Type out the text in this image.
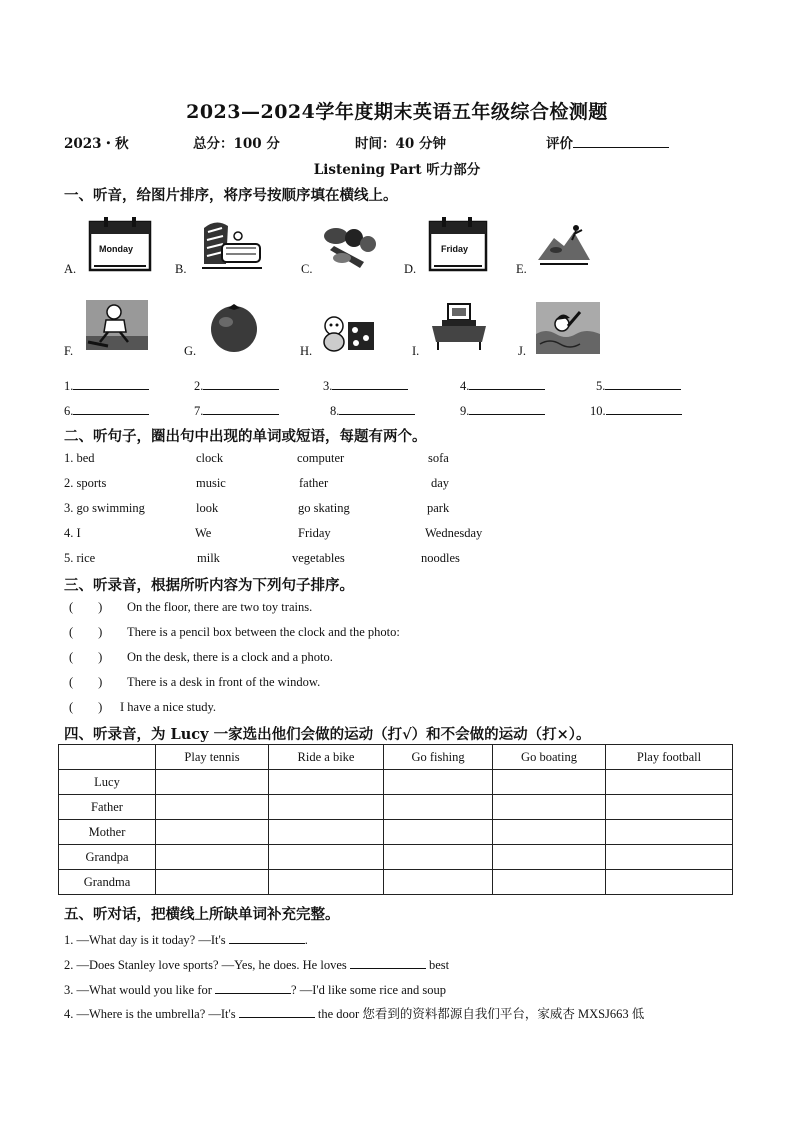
2023—2024学年度期末英语五年级综合检测题
2023・秋	总分：100 分	时间：40 分钟	评价
Listening Part 听力部分
一、听音，给图片排序，将序号按顺序填在横线上。
A.
Monday
B.	C.	D.
Friday
E.
F.	G.	H.	I.	J.
1.	2.	3.	4.	5.
6.	7.	8.	9.	10.
二、听句子，圈出句中出现的单词或短语，每题有两个。
1. bed	clock	computer	sofa
2. sports	music	father	day
3. go swimming	look	go skating	park
4. I	We	Friday	Wednesday
5. rice	milk	vegetables	noodles
三、听录音，根据所听内容为下列句子排序。
(        ) On the floor, there are two toy trains.
(        ) There is a pencil box between the clock and the photo:
(        ) On the desk, there is a clock and a photo.
(        ) There is a desk in front of the window.
(        ) I have a nice study.
四、听录音，为 Lucy 一家选出他们会做的运动（打√）和不会做的运动（打×）。
	Play tennis	Ride a bike	Go fishing	Go boating	Play football
Lucy					
Father					
Mother					
Grandpa					
Grandma					
五、听对话，把横线上所缺单词补充完整。
1. —What day is it today? —It's	.
2. —Does Stanley love sports? —Yes, he does. He loves	best
3. —What would you like for	? —I'd like some rice and soup
4. —Where is the umbrella? —It's	the door 您看到的资料都源自我们平台，家威杏 MXSJ663 低
